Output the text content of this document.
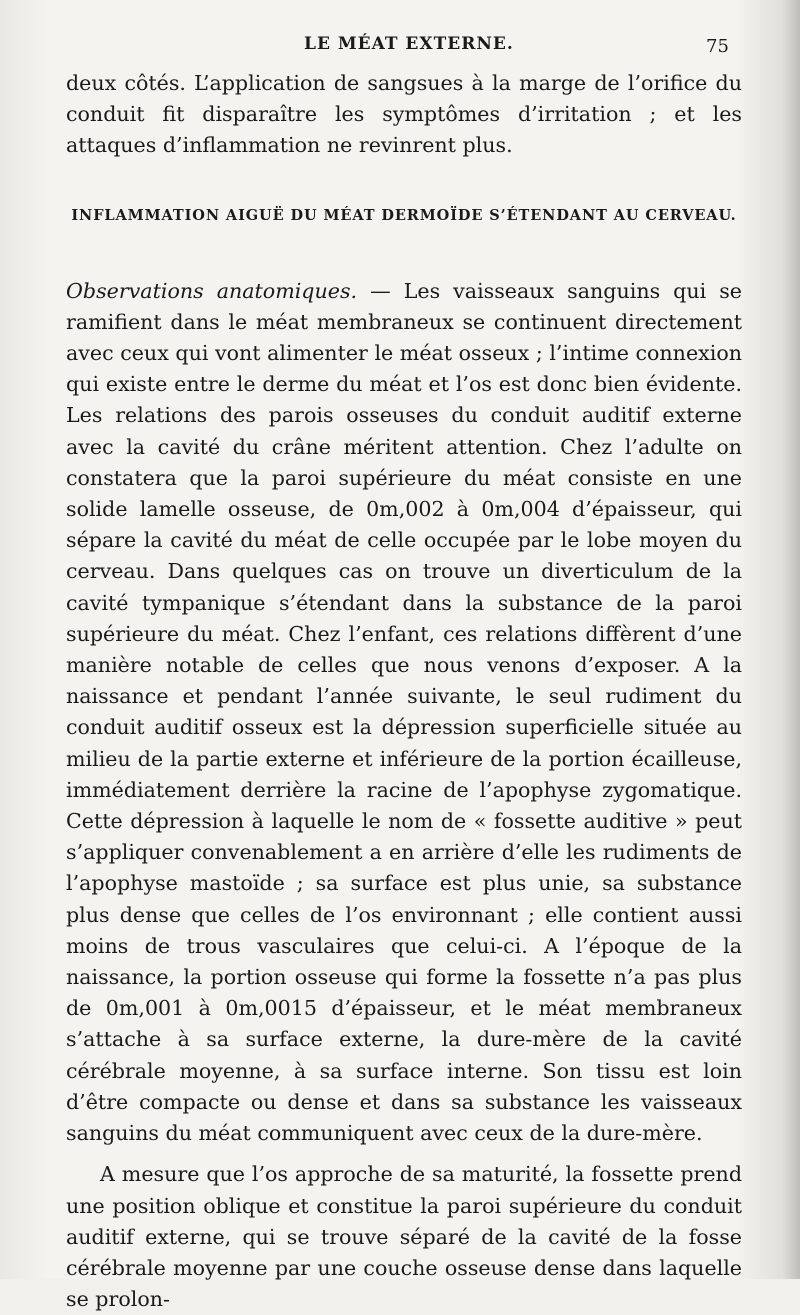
LE MÉAT EXTERNE.	75

deux côtés. L’application de sangsues à la marge de l’orifice du conduit fit disparaître les symptômes d’irritation ; et les attaques d’inflammation ne revinrent plus.

INFLAMMATION AIGUË DU MÉAT DERMOÏDE S’ÉTENDANT AU CERVEAU.

Observations anatomiques. — Les vaisseaux sanguins qui se ramifient dans le méat membraneux se continuent directement avec ceux qui vont alimenter le méat osseux ; l’intime connexion qui existe entre le derme du méat et l’os est donc bien évidente. Les relations des parois osseuses du conduit auditif externe avec la cavité du crâne méritent attention. Chez l’adulte on constatera que la paroi supérieure du méat consiste en une solide lamelle osseuse, de 0m,002 à 0m,004 d’épaisseur, qui sépare la cavité du méat de celle occupée par le lobe moyen du cerveau. Dans quelques cas on trouve un diverticulum de la cavité tympanique s’étendant dans la substance de la paroi supérieure du méat. Chez l’enfant, ces relations diffèrent d’une manière notable de celles que nous venons d’exposer. A la naissance et pendant l’année suivante, le seul rudiment du conduit auditif osseux est la dépression superficielle située au milieu de la partie externe et inférieure de la portion écailleuse, immédiatement derrière la racine de l’apophyse zygomatique. Cette dépression à laquelle le nom de « fossette auditive » peut s’appliquer convenablement a en arrière d’elle les rudiments de l’apophyse mastoïde ; sa surface est plus unie, sa substance plus dense que celles de l’os environnant ; elle contient aussi moins de trous vasculaires que celui-ci. A l’époque de la naissance, la portion osseuse qui forme la fossette n’a pas plus de 0m,001 à 0m,0015 d’épaisseur, et le méat membraneux s’attache à sa surface externe, la dure-mère de la cavité cérébrale moyenne, à sa surface interne. Son tissu est loin d’être compacte ou dense et dans sa substance les vaisseaux sanguins du méat communiquent avec ceux de la dure-mère.

A mesure que l’os approche de sa maturité, la fossette prend une position oblique et constitue la paroi supérieure du conduit auditif externe, qui se trouve séparé de la cavité de la fosse cérébrale moyenne par une couche osseuse dense dans laquelle se prolon-
